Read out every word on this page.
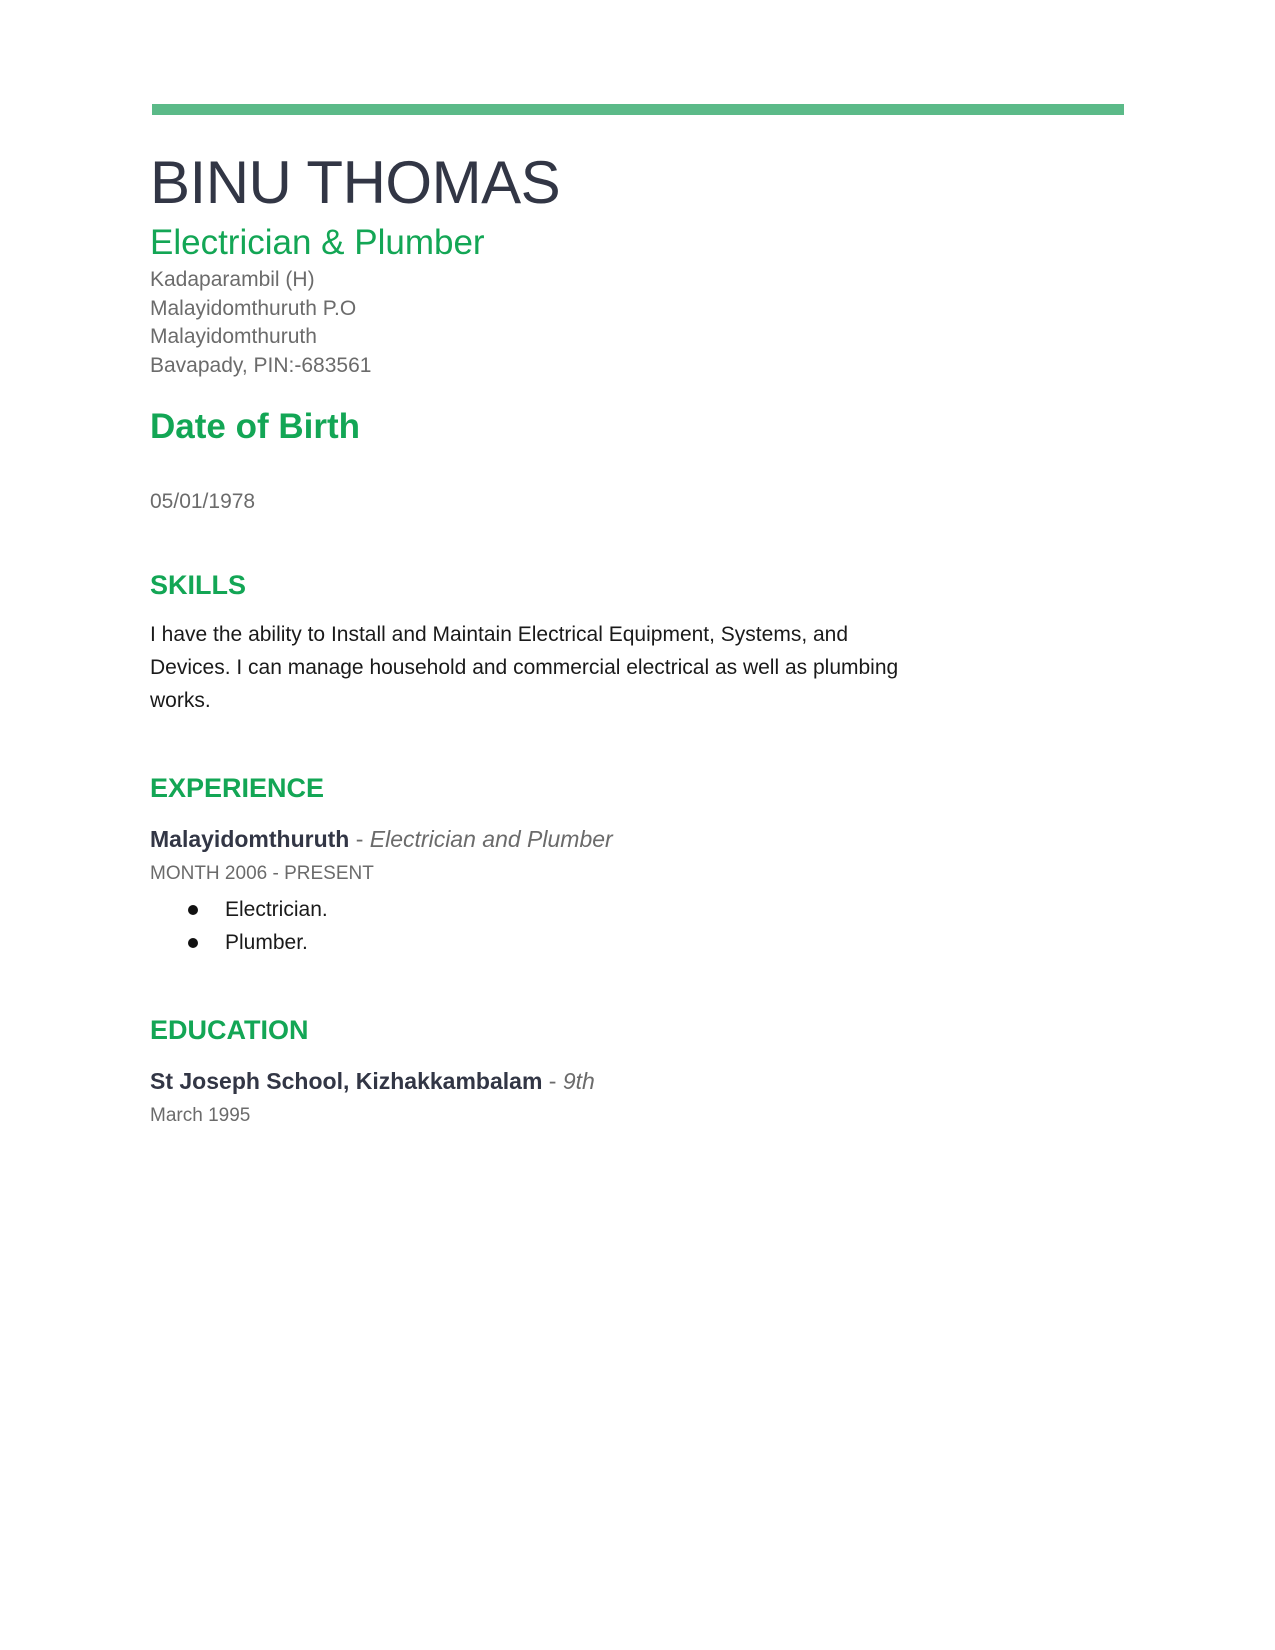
BINU THOMAS

Electrician & Plumber

Kadaparambil (H)

Malayidomthuruth P.O

Malayidomthuruth

Bavapady, PIN:-683561

Date of Birth

05/01/1978

SKILLS

I have the ability to Install and Maintain Electrical Equipment, Systems, and Devices. I can manage household and commercial electrical as well as plumbing works.

EXPERIENCE

Malayidomthuruth - Electrician and Plumber

MONTH 2006 - PRESENT

Electrician.
Plumber.
EDUCATION

St Joseph School, Kizhakkambalam - 9th

March 1995
